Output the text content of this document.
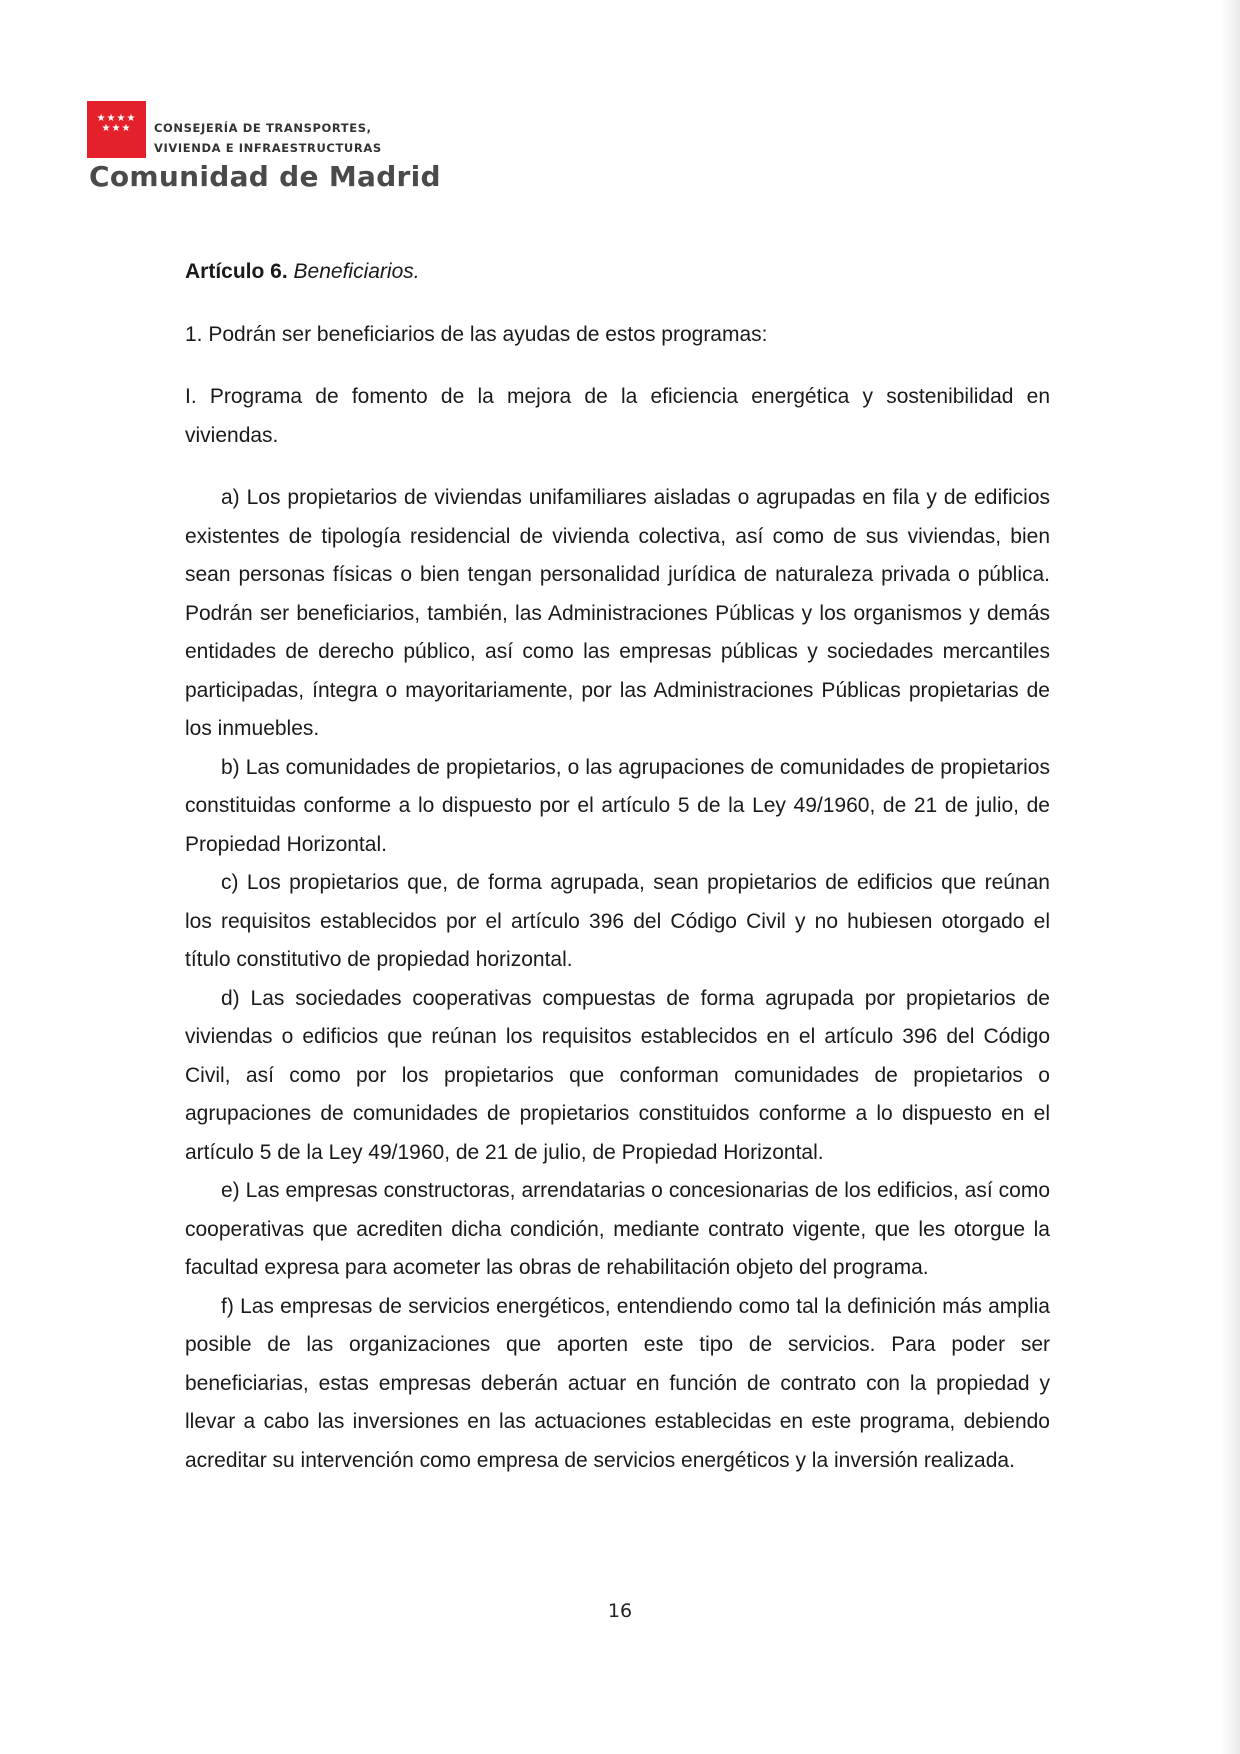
★★★★ ★★★	CONSEJERÍA DE TRANSPORTES,
VIVIENDA E INFRAESTRUCTURAS
Comunidad de Madrid

Artículo 6. Beneficiarios.

1. Podrán ser beneficiarios de las ayudas de estos programas:

I. Programa de fomento de la mejora de la eficiencia energética y sostenibilidad en viviendas.

a) Los propietarios de viviendas unifamiliares aisladas o agrupadas en fila y de edificios existentes de tipología residencial de vivienda colectiva, así como de sus viviendas, bien sean personas físicas o bien tengan personalidad jurídica de naturaleza privada o pública. Podrán ser beneficiarios, también, las Administraciones Públicas y los organismos y demás entidades de derecho público, así como las empresas públicas y sociedades mercantiles participadas, íntegra o mayoritariamente, por las Administraciones Públicas propietarias de los inmuebles.

b) Las comunidades de propietarios, o las agrupaciones de comunidades de propietarios constituidas conforme a lo dispuesto por el artículo 5 de la Ley 49/1960, de 21 de julio, de Propiedad Horizontal.

c) Los propietarios que, de forma agrupada, sean propietarios de edificios que reúnan los requisitos establecidos por el artículo 396 del Código Civil y no hubiesen otorgado el título constitutivo de propiedad horizontal.

d) Las sociedades cooperativas compuestas de forma agrupada por propietarios de viviendas o edificios que reúnan los requisitos establecidos en el artículo 396 del Código Civil, así como por los propietarios que conforman comunidades de propietarios o agrupaciones de comunidades de propietarios constituidos conforme a lo dispuesto en el artículo 5 de la Ley 49/1960, de 21 de julio, de Propiedad Horizontal.

e) Las empresas constructoras, arrendatarias o concesionarias de los edificios, así como cooperativas que acrediten dicha condición, mediante contrato vigente, que les otorgue la facultad expresa para acometer las obras de rehabilitación objeto del programa.

f) Las empresas de servicios energéticos, entendiendo como tal la definición más amplia posible de las organizaciones que aporten este tipo de servicios. Para poder ser beneficiarias, estas empresas deberán actuar en función de contrato con la propiedad y llevar a cabo las inversiones en las actuaciones establecidas en este programa, debiendo acreditar su intervención como empresa de servicios energéticos y la inversión realizada.

16
